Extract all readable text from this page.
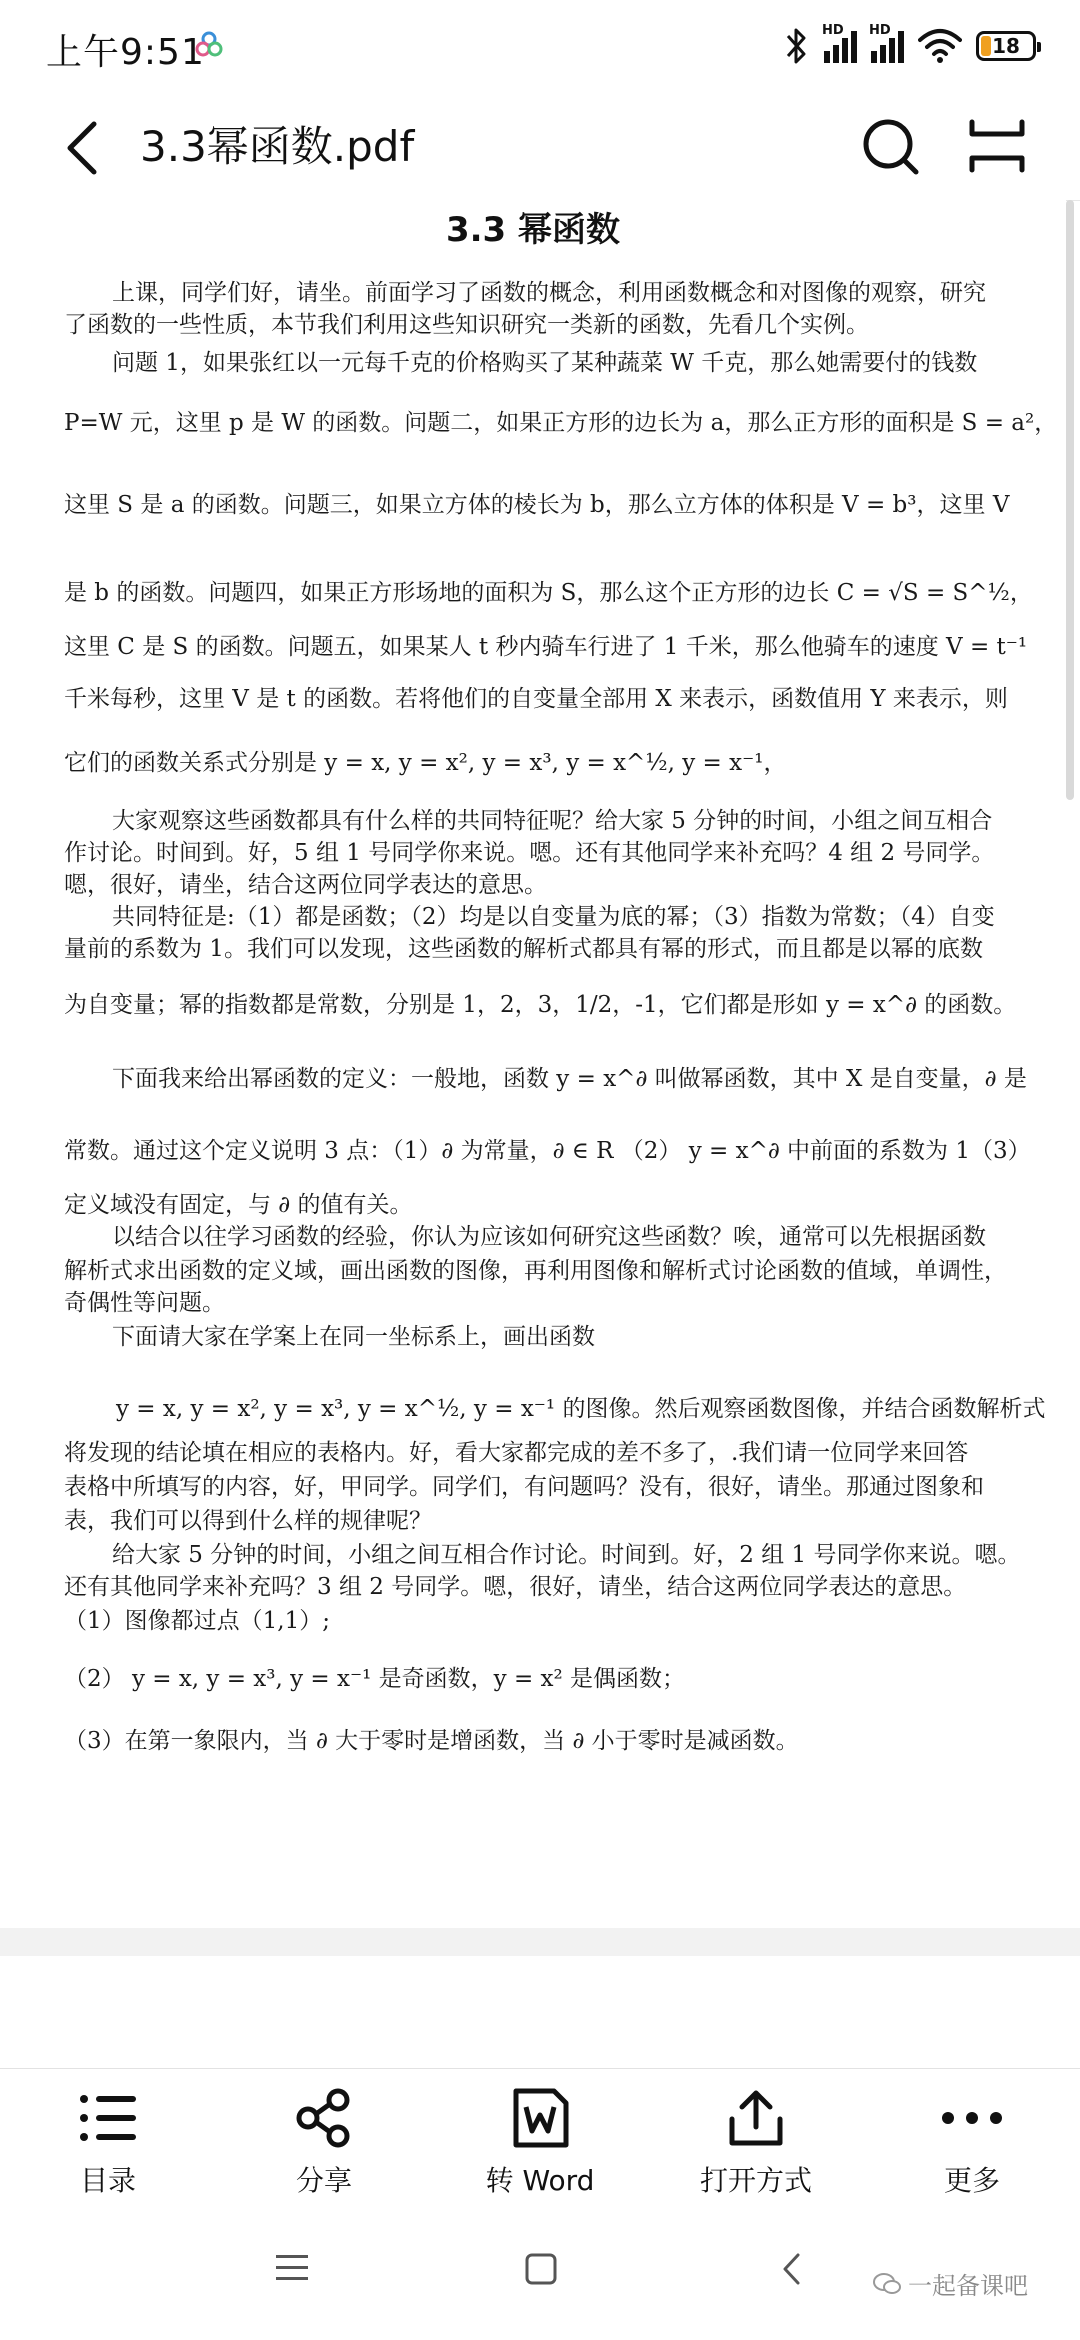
上午9:51
HD HD
18
3.3幂函数.pdf
3.3 幂函数
上课，同学们好，请坐。前面学习了函数的概念，利用函数概念和对图像的观察，研究
了函数的一些性质，本节我们利用这些知识研究一类新的函数，先看几个实例。
问题 1，如果张红以一元每千克的价格购买了某种蔬菜 W 千克，那么她需要付的钱数
P=W 元，这里 p 是 W 的函数。问题二，如果正方形的边长为 a，那么正方形的面积是 S = a²，
这里 S 是 a 的函数。问题三，如果立方体的棱长为 b，那么立方体的体积是 V = b³，这里 V
是 b 的函数。问题四，如果正方形场地的面积为 S，那么这个正方形的边长 C = √S = S^½，
这里 C 是 S 的函数。问题五，如果某人 t 秒内骑车行进了 1 千米，那么他骑车的速度 V = t⁻¹
千米每秒，这里 V 是 t 的函数。若将他们的自变量全部用 X 来表示，函数值用 Y 来表示，则
它们的函数关系式分别是 y = x, y = x², y = x³, y = x^½, y = x⁻¹，
大家观察这些函数都具有什么样的共同特征呢？给大家 5 分钟的时间，小组之间互相合
作讨论。时间到。好，5 组 1 号同学你来说。嗯。还有其他同学来补充吗？4 组 2 号同学。
嗯，很好，请坐，结合这两位同学表达的意思。
共同特征是:（1）都是函数；（2）均是以自变量为底的幂；（3）指数为常数；（4）自变
量前的系数为 1。我们可以发现，这些函数的解析式都具有幂的形式，而且都是以幂的底数
为自变量；幂的指数都是常数，分别是 1，2，3，1/2，-1，它们都是形如 y = x^∂ 的函数。
下面我来给出幂函数的定义：一般地，函数 y = x^∂ 叫做幂函数，其中 X 是自变量，∂ 是
常数。通过这个定义说明 3 点：（1）∂ 为常量，∂ ∈ R （2） y = x^∂ 中前面的系数为 1（3）
定义域没有固定，与 ∂ 的值有关。
以结合以往学习函数的经验，你认为应该如何研究这些函数？唉，通常可以先根据函数
解析式求出函数的定义域，画出函数的图像，再利用图像和解析式讨论函数的值域，单调性，
奇偶性等问题。
下面请大家在学案上在同一坐标系上，画出函数
y = x, y = x², y = x³, y = x^½, y = x⁻¹ 的图像。然后观察函数图像，并结合函数解析式
将发现的结论填在相应的表格内。好，看大家都完成的差不多了，.我们请一位同学来回答
表格中所填写的内容，好，甲同学。同学们，有问题吗？没有，很好，请坐。那通过图象和
表，我们可以得到什么样的规律呢？
给大家 5 分钟的时间，小组之间互相合作讨论。时间到。好，2 组 1 号同学你来说。嗯。
还有其他同学来补充吗？3 组 2 号同学。嗯，很好，请坐，结合这两位同学表达的意思。
（1）图像都过点（1,1）;
（2） y = x, y = x³, y = x⁻¹ 是奇函数，y = x² 是偶函数；
（3）在第一象限内，当 ∂ 大于零时是增函数，当 ∂ 小于零时是减函数。
目录	分享	转 Word	打开方式	更多
一起备课吧
